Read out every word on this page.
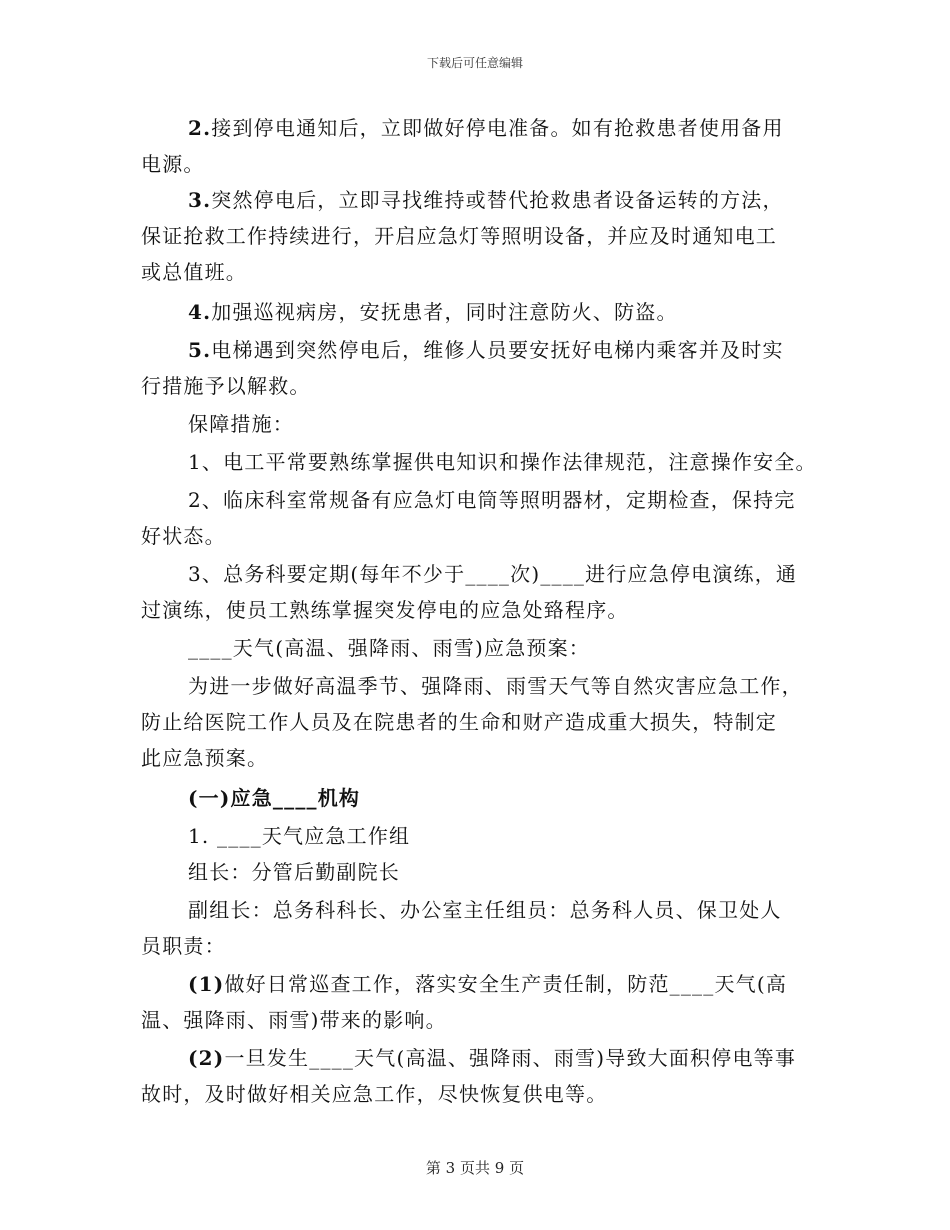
下载后可任意编辑
2.接到停电通知后，立即做好停电准备。如有抢救患者使用备用
电源。
3.突然停电后，立即寻找维持或替代抢救患者设备运转的方法，
保证抢救工作持续进行，开启应急灯等照明设备，并应及时通知电工
或总值班。
4.加强巡视病房，安抚患者，同时注意防火、防盗。
5.电梯遇到突然停电后，维修人员要安抚好电梯内乘客并及时实
行措施予以解救。
保障措施：
1、电工平常要熟练掌握供电知识和操作法律规范，注意操作安全。
2、临床科室常规备有应急灯电筒等照明器材，定期检查，保持完
好状态。
3、总务科要定期(每年不少于____次)____进行应急停电演练，通
过演练，使员工熟练掌握突发停电的应急处臵程序。
____天气(高温、强降雨、雨雪)应急预案：
为进一步做好高温季节、强降雨、雨雪天气等自然灾害应急工作，
防止给医院工作人员及在院患者的生命和财产造成重大损失，特制定
此应急预案。
(一)应急____机构
1. ____天气应急工作组
组长：分管后勤副院长
副组长：总务科科长、办公室主任组员：总务科人员、保卫处人
员职责：
(1)做好日常巡查工作，落实安全生产责任制，防范____天气(高
温、强降雨、雨雪)带来的影响。
(2)一旦发生____天气(高温、强降雨、雨雪)导致大面积停电等事
故时，及时做好相关应急工作，尽快恢复供电等。
第 3 页共 9 页
